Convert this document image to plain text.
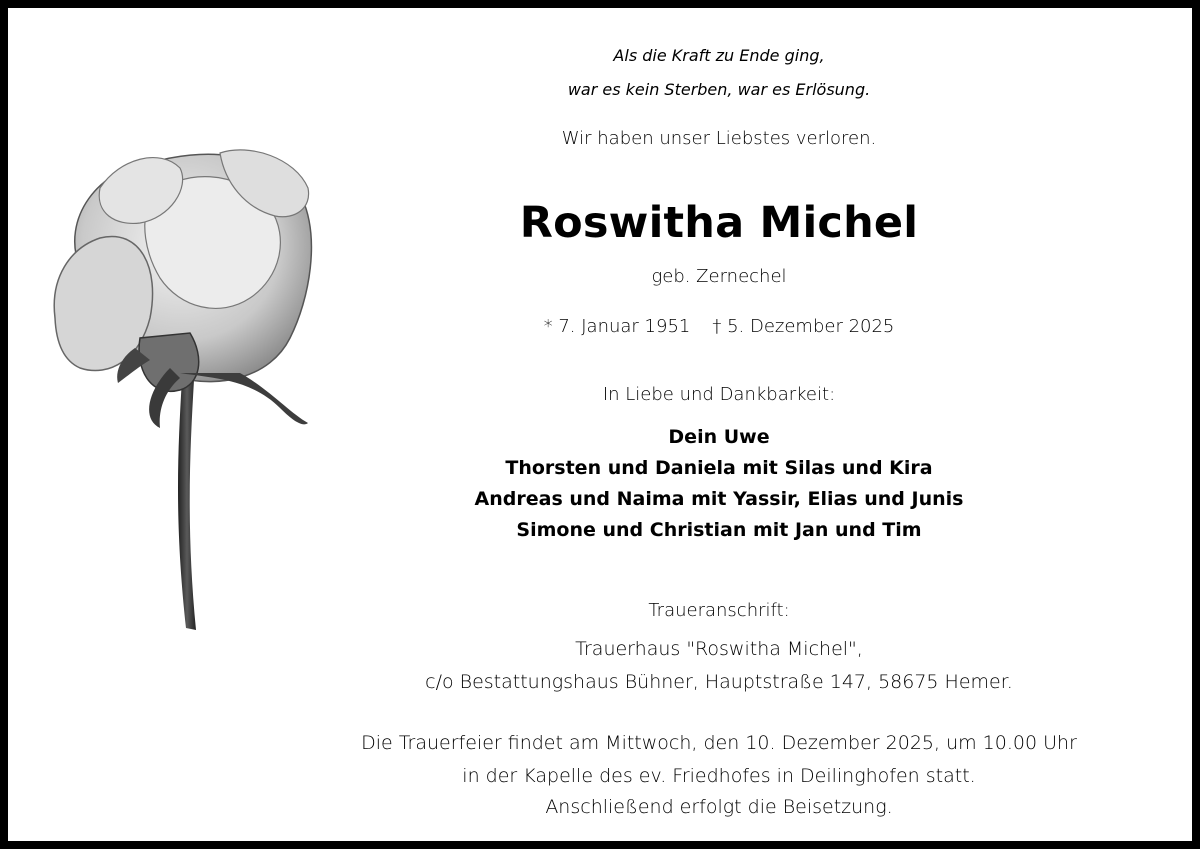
Als die Kraft zu Ende ging,
war es kein Sterben, war es Erlösung.
Wir haben unser Liebstes verloren.
Roswitha Michel
geb. Zernechel
* 7. Januar 1951 † 5. Dezember 2025
In Liebe und Dankbarkeit:
Dein Uwe
Thorsten und Daniela mit Silas und Kira
Andreas und Naima mit Yassir, Elias und Junis
Simone und Christian mit Jan und Tim
Traueranschrift:
Trauerhaus "Roswitha Michel",
c/o Bestattungshaus Bühner, Hauptstraße 147, 58675 Hemer.
Die Trauerfeier findet am Mittwoch, den 10. Dezember 2025, um 10.00 Uhr
in der Kapelle des ev. Friedhofes in Deilinghofen statt.
Anschließend erfolgt die Beisetzung.
